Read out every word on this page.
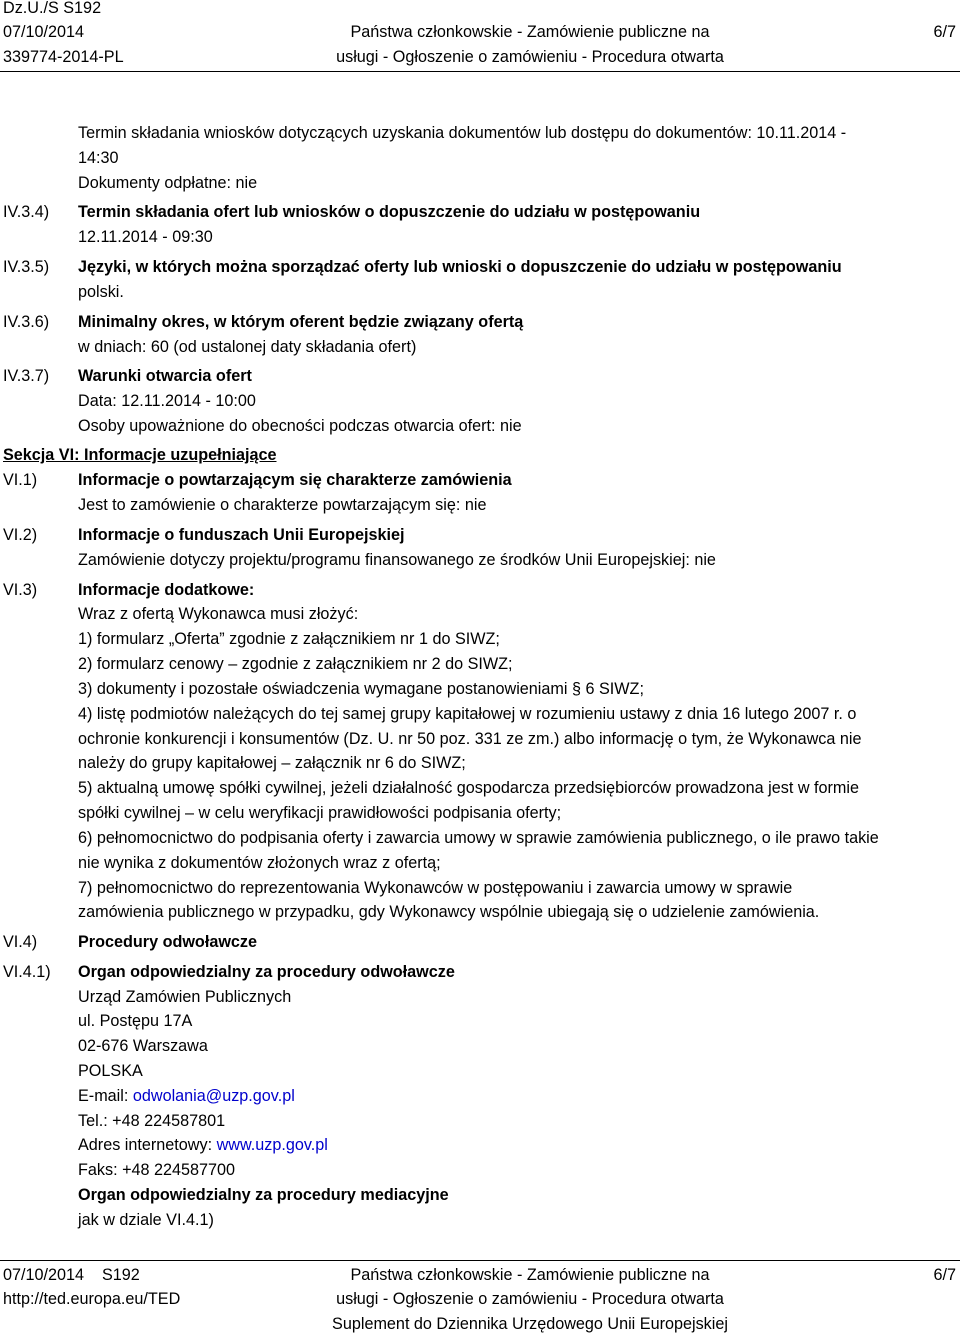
Dz.U./S S192
07/10/2014
339774-2014-PL
Państwa członkowskie - Zamówienie publiczne na
usługi - Ogłoszenie o zamówieniu - Procedura otwarta
6/7
Termin składania wniosków dotyczących uzyskania dokumentów lub dostępu do dokumentów: 10.11.2014 -
14:30
Dokumenty odpłatne: nie
IV.3.4) Termin składania ofert lub wniosków o dopuszczenie do udziału w postępowaniu
12.11.2014 - 09:30
IV.3.5) Języki, w których można sporządzać oferty lub wnioski o dopuszczenie do udziału w postępowaniu
polski.
IV.3.6) Minimalny okres, w którym oferent będzie związany ofertą
w dniach: 60 (od ustalonej daty składania ofert)
IV.3.7) Warunki otwarcia ofert
Data: 12.11.2014 - 10:00
Osoby upoważnione do obecności podczas otwarcia ofert: nie
Sekcja VI: Informacje uzupełniające
VI.1)	Informacje o powtarzającym się charakterze zamówienia
Jest to zamówienie o charakterze powtarzającym się: nie
VI.2)	Informacje o funduszach Unii Europejskiej
Zamówienie dotyczy projektu/programu finansowanego ze środków Unii Europejskiej: nie
VI.3)	Informacje dodatkowe:
Wraz z ofertą Wykonawca musi złożyć:
1) formularz „Oferta” zgodnie z załącznikiem nr 1 do SIWZ;
2) formularz cenowy – zgodnie z załącznikiem nr 2 do SIWZ;
3) dokumenty i pozostałe oświadczenia wymagane postanowieniami § 6 SIWZ;
4) listę podmiotów należących do tej samej grupy kapitałowej w rozumieniu ustawy z dnia 16 lutego 2007 r. o
ochronie konkurencji i konsumentów (Dz. U. nr 50 poz. 331 ze zm.) albo informację o tym, że Wykonawca nie
należy do grupy kapitałowej – załącznik nr 6 do SIWZ;
5) aktualną umowę spółki cywilnej, jeżeli działalność gospodarcza przedsiębiorców prowadzona jest w formie
spółki cywilnej – w celu weryfikacji prawidłowości podpisania oferty;
6) pełnomocnictwo do podpisania oferty i zawarcia umowy w sprawie zamówienia publicznego, o ile prawo takie
nie wynika z dokumentów złożonych wraz z ofertą;
7) pełnomocnictwo do reprezentowania Wykonawców w postępowaniu i zawarcia umowy w sprawie
zamówienia publicznego w przypadku, gdy Wykonawcy wspólnie ubiegają się o udzielenie zamówienia.
VI.4)	Procedury odwoławcze
VI.4.1) Organ odpowiedzialny za procedury odwoławcze
Urząd Zamówien Publicznych
ul. Postępu 17A
02-676 Warszawa
POLSKA
E-mail: odwolania@uzp.gov.pl
Tel.: +48 224587801
Adres internetowy: www.uzp.gov.pl
Faks: +48 224587700
Organ odpowiedzialny za procedury mediacyjne
jak w dziale VI.4.1)
07/10/2014    S192
http://ted.europa.eu/TED
Państwa członkowskie - Zamówienie publiczne na
usługi - Ogłoszenie o zamówieniu - Procedura otwarta
Suplement do Dziennika Urzędowego Unii Europejskiej
6/7
